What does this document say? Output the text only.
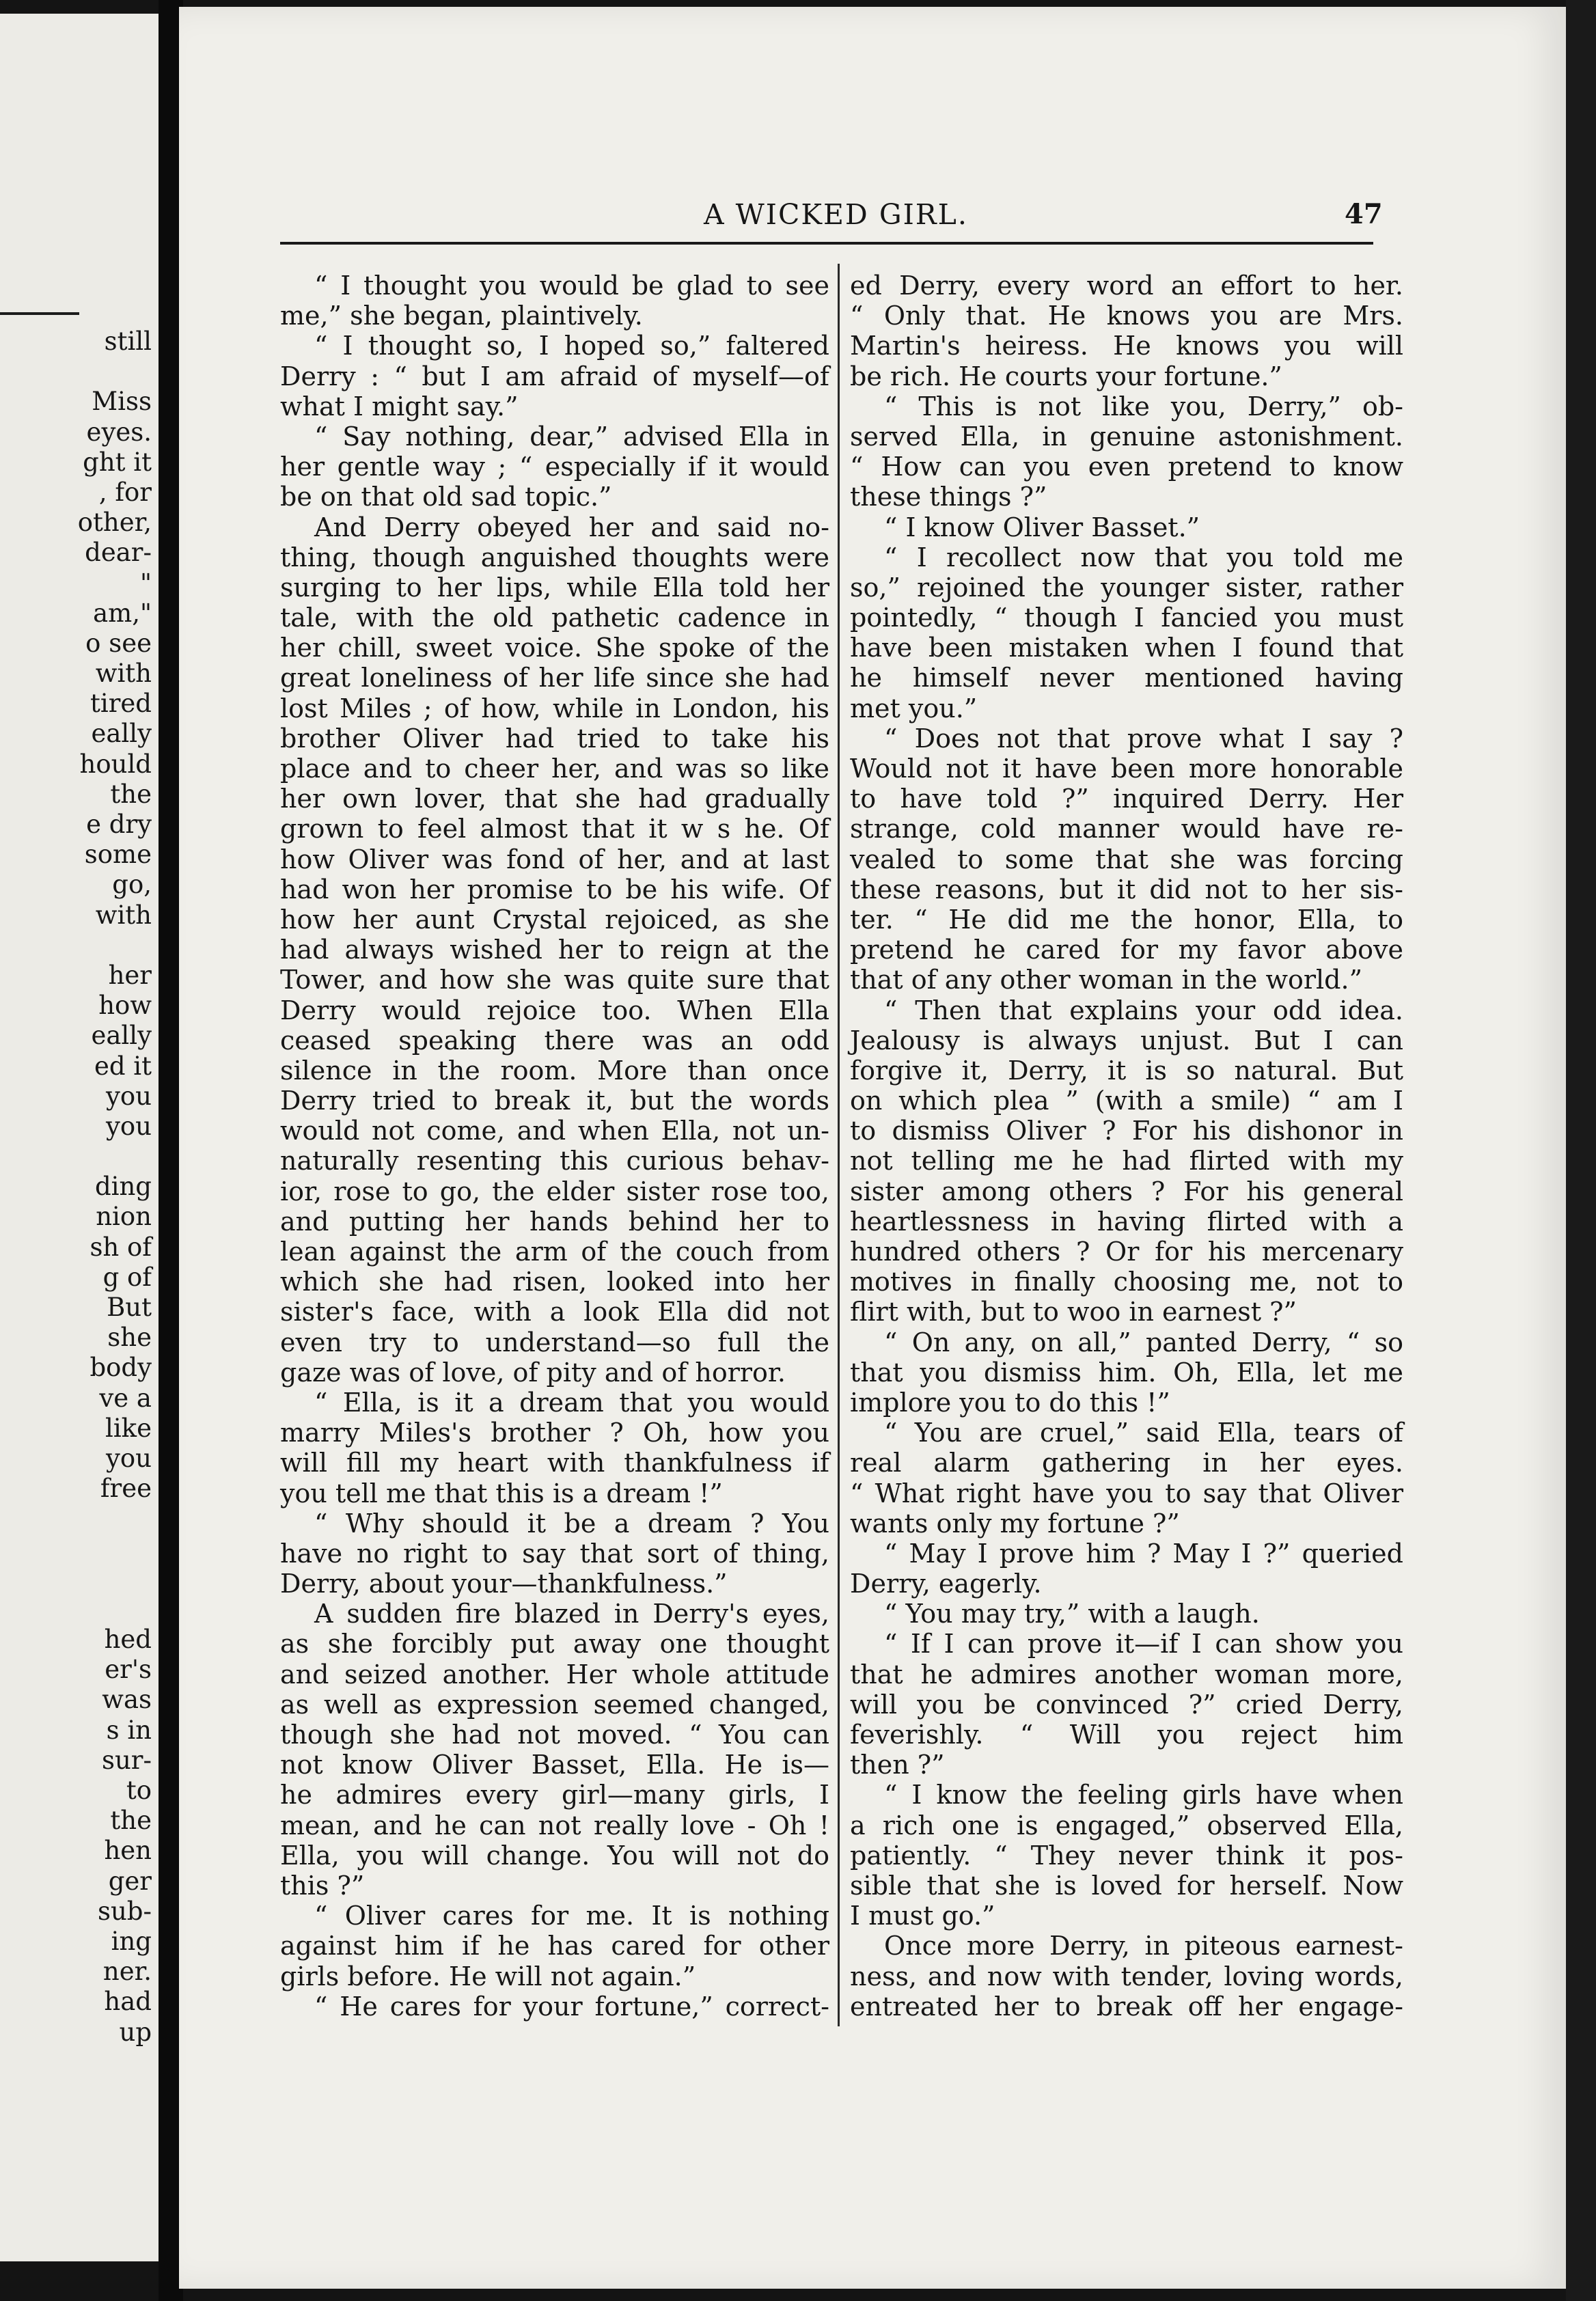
still
Miss
eyes.
ght it
, for
other,
dear-
"
am,"
o see
with
tired
eally
hould
the
e dry
some
go,
with
her
how
eally
ed it
you
you
ding
nion
sh of
g of
But
she
body
ve a
like
you
free
hed
er's
was
s in
sur-
to
the
hen
ger
sub-
ing
ner.
had
up
A WICKED GIRL.	47
“ I thought you would be glad to see
me,” she began, plaintively.
“ I thought so, I hoped so,” faltered
Derry : “ but I am afraid of myself—of
what I might say.”
“ Say nothing, dear,” advised Ella in
her gentle way ; “ especially if it would
be on that old sad topic.”
And Derry obeyed her and said no-
thing, though anguished thoughts were
surging to her lips, while Ella told her
tale, with the old pathetic cadence in
her chill, sweet voice. She spoke of the
great loneliness of her life since she had
lost Miles ; of how, while in London, his
brother Oliver had tried to take his
place and to cheer her, and was so like
her own lover, that she had gradually
grown to feel almost that it w s he. Of
how Oliver was fond of her, and at last
had won her promise to be his wife. Of
how her aunt Crystal rejoiced, as she
had always wished her to reign at the
Tower, and how she was quite sure that
Derry would rejoice too. When Ella
ceased speaking there was an odd
silence in the room. More than once
Derry tried to break it, but the words
would not come, and when Ella, not un-
naturally resenting this curious behav-
ior, rose to go, the elder sister rose too,
and putting her hands behind her to
lean against the arm of the couch from
which she had risen, looked into her
sister's face, with a look Ella did not
even try to understand—so full the
gaze was of love, of pity and of horror.
“ Ella, is it a dream that you would
marry Miles's brother ? Oh, how you
will fill my heart with thankfulness if
you tell me that this is a dream !”
“ Why should it be a dream ? You
have no right to say that sort of thing,
Derry, about your—thankfulness.”
A sudden fire blazed in Derry's eyes,
as she forcibly put away one thought
and seized another. Her whole attitude
as well as expression seemed changed,
though she had not moved. “ You can
not know Oliver Basset, Ella. He is—
he admires every girl—many girls, I
mean, and he can not really love - Oh !
Ella, you will change. You will not do
this ?”
“ Oliver cares for me. It is nothing
against him if he has cared for other
girls before. He will not again.”
“ He cares for your fortune,” correct-
ed Derry, every word an effort to her.
“ Only that. He knows you are Mrs.
Martin's heiress. He knows you will
be rich. He courts your fortune.”
“ This is not like you, Derry,” ob-
served Ella, in genuine astonishment.
“ How can you even pretend to know
these things ?”
“ I know Oliver Basset.”
“ I recollect now that you told me
so,” rejoined the younger sister, rather
pointedly, “ though I fancied you must
have been mistaken when I found that
he himself never mentioned having
met you.”
“ Does not that prove what I say ?
Would not it have been more honorable
to have told ?” inquired Derry. Her
strange, cold manner would have re-
vealed to some that she was forcing
these reasons, but it did not to her sis-
ter. “ He did me the honor, Ella, to
pretend he cared for my favor above
that of any other woman in the world.”
“ Then that explains your odd idea.
Jealousy is always unjust. But I can
forgive it, Derry, it is so natural. But
on which plea ” (with a smile) “ am I
to dismiss Oliver ? For his dishonor in
not telling me he had flirted with my
sister among others ? For his general
heartlessness in having flirted with a
hundred others ? Or for his mercenary
motives in finally choosing me, not to
flirt with, but to woo in earnest ?”
“ On any, on all,” panted Derry, “ so
that you dismiss him. Oh, Ella, let me
implore you to do this !”
“ You are cruel,” said Ella, tears of
real alarm gathering in her eyes.
“ What right have you to say that Oliver
wants only my fortune ?”
“ May I prove him ? May I ?” queried
Derry, eagerly.
“ You may try,” with a laugh.
“ If I can prove it—if I can show you
that he admires another woman more,
will you be convinced ?” cried Derry,
feverishly. “ Will you reject him
then ?”
“ I know the feeling girls have when
a rich one is engaged,” observed Ella,
patiently. “ They never think it pos-
sible that she is loved for herself. Now
I must go.”
Once more Derry, in piteous earnest-
ness, and now with tender, loving words,
entreated her to break off her engage-
